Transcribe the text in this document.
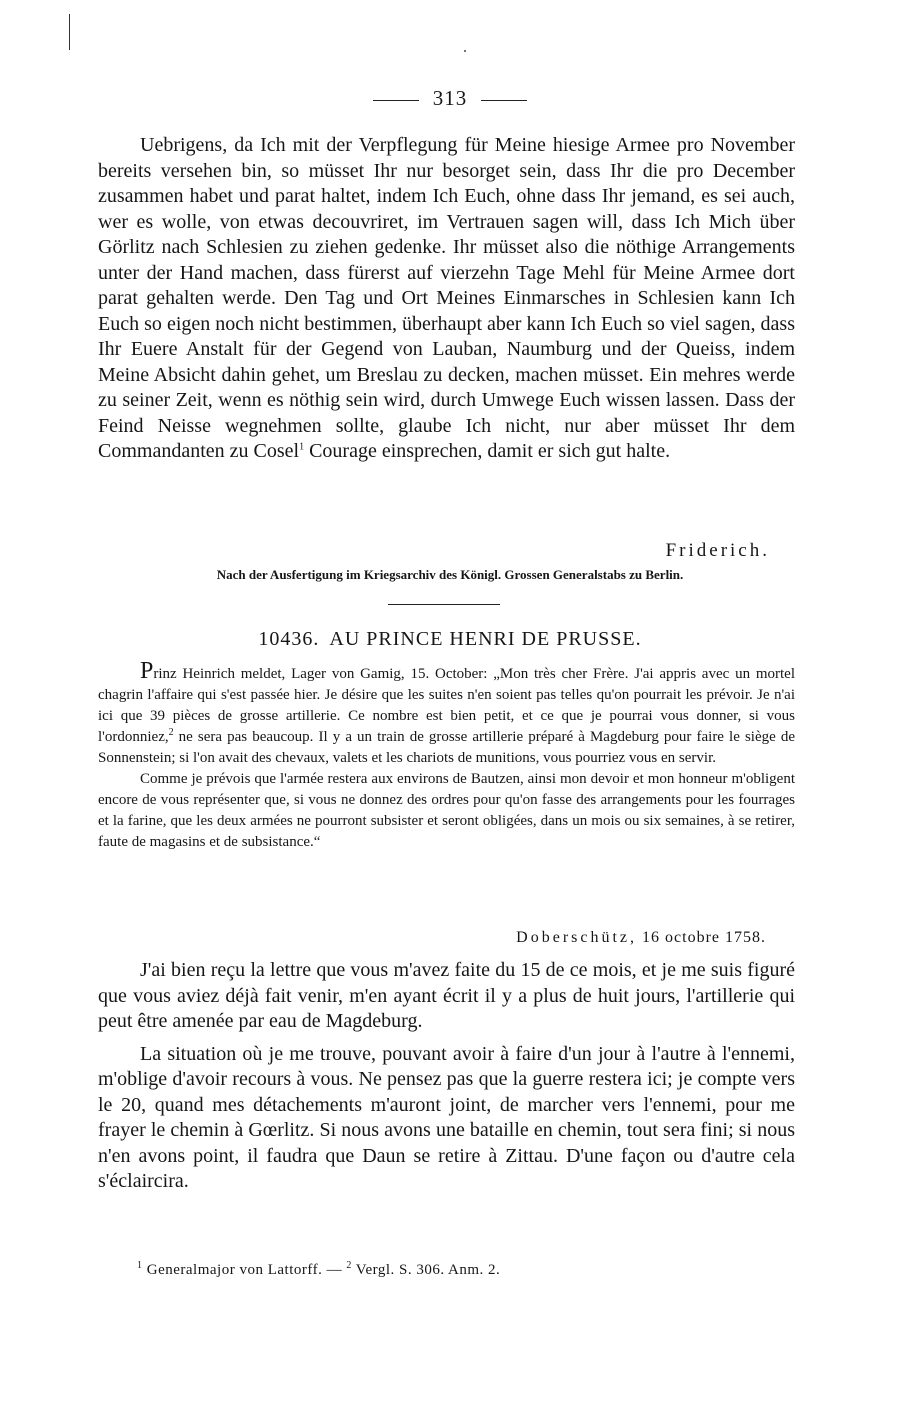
313

Uebrigens, da Ich mit der Verpflegung für Meine hiesige Armee pro November bereits versehen bin, so müsset Ihr nur besorget sein, dass Ihr die pro December zusammen habet und parat haltet, indem Ich Euch, ohne dass Ihr jemand, es sei auch, wer es wolle, von etwas decouvriret, im Vertrauen sagen will, dass Ich Mich über Görlitz nach Schlesien zu ziehen gedenke. Ihr müsset also die nöthige Arrangements unter der Hand machen, dass fürerst auf vierzehn Tage Mehl für Meine Armee dort parat gehalten werde. Den Tag und Ort Meines Einmarsches in Schlesien kann Ich Euch so eigen noch nicht bestimmen, überhaupt aber kann Ich Euch so viel sagen, dass Ihr Euere Anstalt für der Gegend von Lauban, Naumburg und der Queiss, indem Meine Absicht dahin gehet, um Breslau zu decken, machen müsset. Ein mehres werde zu seiner Zeit, wenn es nöthig sein wird, durch Umwege Euch wissen lassen. Dass der Feind Neisse wegnehmen sollte, glaube Ich nicht, nur aber müsset Ihr dem Commandanten zu Cosel$^1$ Courage einsprechen, damit er sich gut halte.

Friderich.
Nach der Ausfertigung im Kriegsarchiv des Königl. Grossen Generalstabs zu Berlin.
10436. AU PRINCE HENRI DE PRUSSE.

Prinz Heinrich meldet, Lager von Gamig, 15. October: „Mon très cher Frère. J'ai appris avec un mortel chagrin l'affaire qui s'est passée hier. Je désire que les suites n'en soient pas telles qu'on pourrait les prévoir. Je n'ai ici que 39 pièces de grosse artillerie. Ce nombre est bien petit, et ce que je pourrai vous donner, si vous l'ordonniez,$^2$ ne sera pas beaucoup. Il y a un train de grosse artillerie préparé à Magdeburg pour faire le siège de Sonnenstein; si l'on avait des chevaux, valets et les chariots de munitions, vous pourriez vous en servir.

Comme je prévois que l'armée restera aux environs de Bautzen, ainsi mon devoir et mon honneur m'obligent encore de vous représenter que, si vous ne donnez des ordres pour qu'on fasse des arrangements pour les fourrages et la farine, que les deux armées ne pourront subsister et seront obligées, dans un mois ou six semaines, à se retirer, faute de magasins et de subsistance.“

Doberschütz, 16 octobre 1758.

J'ai bien reçu la lettre que vous m'avez faite du 15 de ce mois, et je me suis figuré que vous aviez déjà fait venir, m'en ayant écrit il y a plus de huit jours, l'artillerie qui peut être amenée par eau de Magdeburg.

La situation où je me trouve, pouvant avoir à faire d'un jour à l'autre à l'ennemi, m'oblige d'avoir recours à vous. Ne pensez pas que la guerre restera ici; je compte vers le 20, quand mes détachements m'auront joint, de marcher vers l'ennemi, pour me frayer le chemin à Gœrlitz. Si nous avons une bataille en chemin, tout sera fini; si nous n'en avons point, il faudra que Daun se retire à Zittau. D'une façon ou d'autre cela s'éclaircira.

$^1$ Generalmajor von Lattorff. — $^2$ Vergl. S. 306. Anm. 2.
